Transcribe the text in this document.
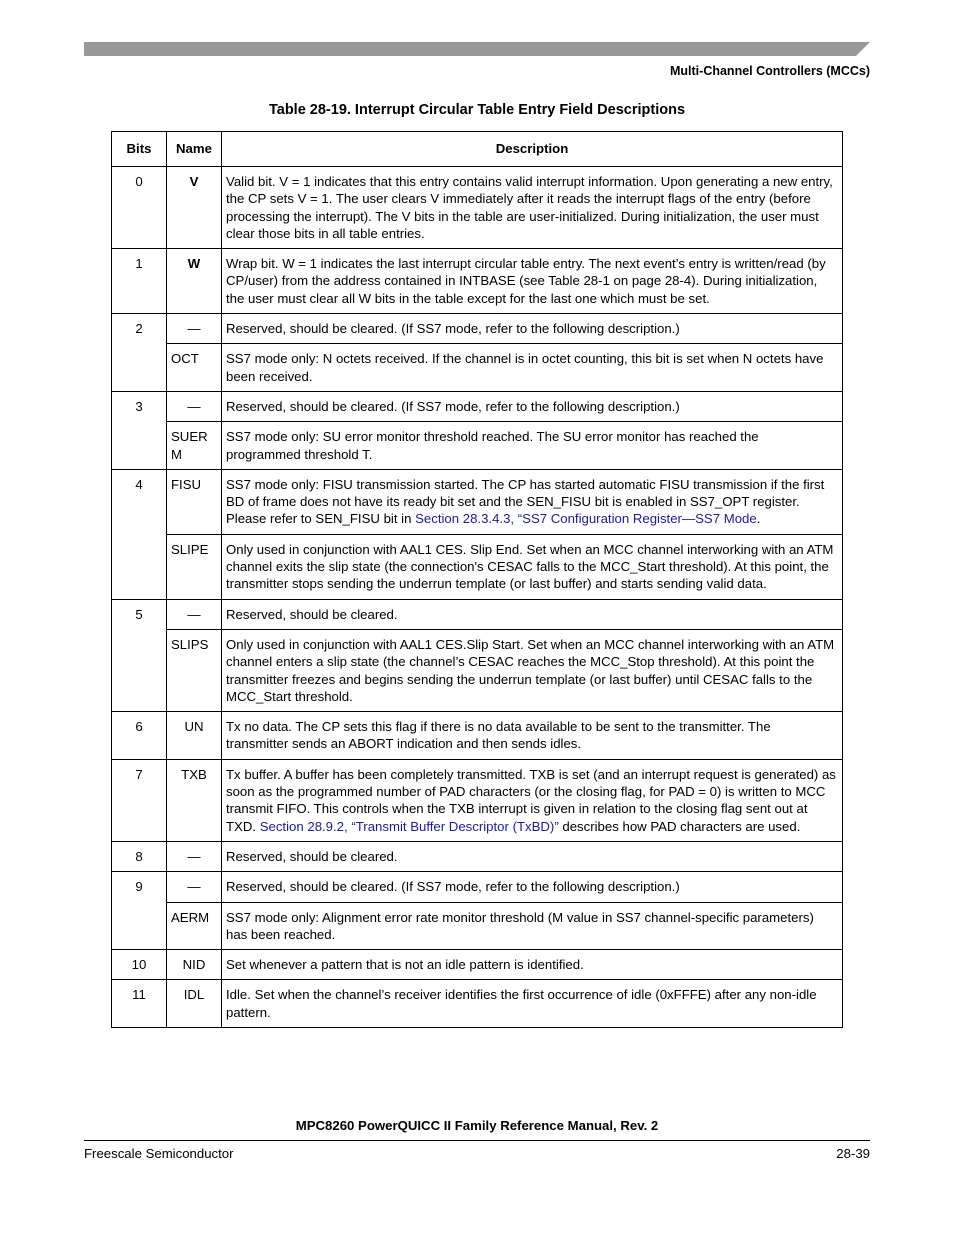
Multi-Channel Controllers (MCCs)
Table 28-19. Interrupt Circular Table Entry Field Descriptions
Bits	Name	Description
0	V	Valid bit. V = 1 indicates that this entry contains valid interrupt information. Upon generating a new entry, the CP sets V = 1. The user clears V immediately after it reads the interrupt flags of the entry (before processing the interrupt). The V bits in the table are user-initialized. During initialization, the user must clear those bits in all table entries.
1	W	Wrap bit. W = 1 indicates the last interrupt circular table entry. The next event’s entry is written/read (by CP/user) from the address contained in INTBASE (see Table 28-1 on page 28-4). During initialization, the user must clear all W bits in the table except for the last one which must be set.
2	—	Reserved, should be cleared. (If SS7 mode, refer to the following description.)
	OCT	SS7 mode only: N octets received. If the channel is in octet counting, this bit is set when N octets have been received.
3	—	Reserved, should be cleared. (If SS7 mode, refer to the following description.)
	SUER M	SS7 mode only: SU error monitor threshold reached. The SU error monitor has reached the programmed threshold T.
4	FISU	SS7 mode only: FISU transmission started. The CP has started automatic FISU transmission if the first BD of frame does not have its ready bit set and the SEN_FISU bit is enabled in SS7_OPT register. Please refer to SEN_FISU bit in Section 28.3.4.3, “SS7 Configuration Register—SS7 Mode.
	SLIPE	Only used in conjunction with AAL1 CES. Slip End. Set when an MCC channel interworking with an ATM channel exits the slip state (the connection's CESAC falls to the MCC_Start threshold). At this point, the transmitter stops sending the underrun template (or last buffer) and starts sending valid data.
5	—	Reserved, should be cleared.
	SLIPS	Only used in conjunction with AAL1 CES.Slip Start. Set when an MCC channel interworking with an ATM channel enters a slip state (the channel’s CESAC reaches the MCC_Stop threshold). At this point the transmitter freezes and begins sending the underrun template (or last buffer) until CESAC falls to the MCC_Start threshold.
6	UN	Tx no data. The CP sets this flag if there is no data available to be sent to the transmitter. The transmitter sends an ABORT indication and then sends idles.
7	TXB	Tx buffer. A buffer has been completely transmitted. TXB is set (and an interrupt request is generated) as soon as the programmed number of PAD characters (or the closing flag, for PAD = 0) is written to MCC transmit FIFO. This controls when the TXB interrupt is given in relation to the closing flag sent out at TXD. Section 28.9.2, “Transmit Buffer Descriptor (TxBD)” describes how PAD characters are used.
8	—	Reserved, should be cleared.
9	—	Reserved, should be cleared. (If SS7 mode, refer to the following description.)
	AERM	SS7 mode only: Alignment error rate monitor threshold (M value in SS7 channel-specific parameters) has been reached.
10	NID	Set whenever a pattern that is not an idle pattern is identified.
11	IDL	Idle. Set when the channel’s receiver identifies the first occurrence of idle (0xFFFE) after any non-idle pattern.
MPC8260 PowerQUICC II Family Reference Manual, Rev. 2
Freescale Semiconductor	28-39
